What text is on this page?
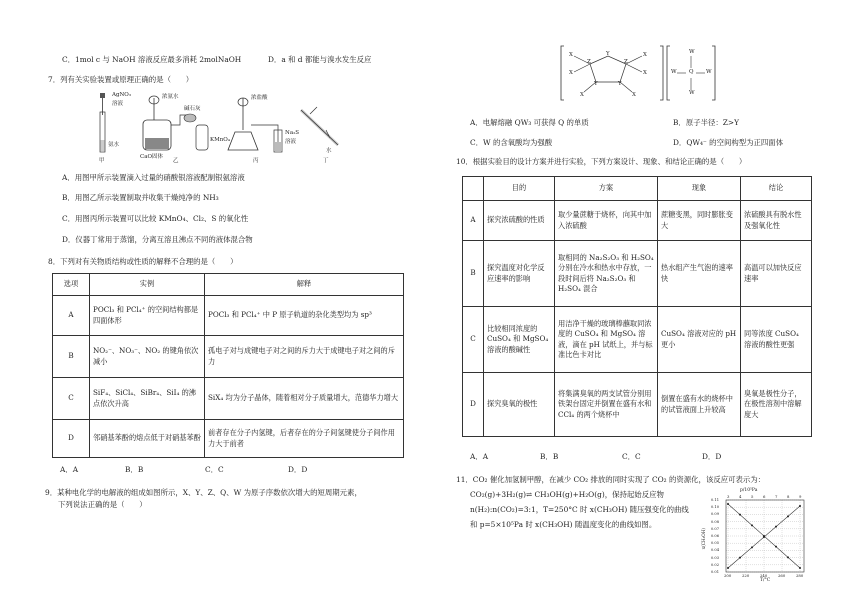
C．1mol c 与 NaOH 溶液反应最多消耗 2molNaOH	D．a 和 d 都能与溴水发生反应
7．列有关实验装置或原理正确的是（　　）
AgNO₃
溶液
氨水
浓氨水
碱石灰
CaO固体
浓盐酸
KMnO₄
Na₂S
溶液
水
甲	乙	丙	丁
A．用图甲所示装置滴入过量的硝酸银溶液配制银氨溶液
B．用图乙所示装置制取并收集干燥纯净的 NH₃
C．用图丙所示装置可以比较 KMnO₄、Cl₂、S 的氧化性
D．仪器丁常用于蒸馏，分离互溶且沸点不同的液体混合物
8．下列对有关物质结构或性质的解释不合理的是（　　）
选项	实例	解释
A	POCl₃ 和 PCl₄⁺ 的空间结构都是四面体形	POCl₃ 和 PCl₄⁺ 中 P 原子轨道的杂化类型均为 sp³
B	NO₂⁻、NO₃⁻、NO₂ 的键角依次减小	孤电子对与成键电子对之间的斥力大于成键电子对之间的斥力
C	SiF₄、SiCl₄、SiBr₄、SiI₄ 的沸点依次升高	SiX₄ 均为分子晶体，随着相对分子质量增大，范德华力增大
D	邻硝基苯酚的熔点低于对硝基苯酚	前者存在分子内氢键，后者存在的分子间氢键使分子间作用力大于前者
A．A	B．B	C．C	D．D
9．某种电化学的电解液的组成如图所示，X、Y、Z、Q、W 为原子序数依次增大的短周期元素，
下列说法正确的是（　　）
X
X
Z
Y
Z
X
X
Y	Y
X	X
W
W Q W
W
A．电解熔融 QW₃ 可获得 Q 的单质	B．原子半径：Z>Y
C．W 的含氧酸均为强酸	D．QW₄⁻ 的空间构型为正四面体
10．根据实验目的设计方案并进行实验，下列方案设计、现象、和结论正确的是（　　）
	目的	方案	现象	结论
A	探究浓硫酸的性质	取少量蔗糖于烧杯，向其中加入浓硫酸	蔗糖变黑，同时膨胀变大	浓硫酸具有脱水性及强氧化性
B	探究温度对化学反应速率的影响	取相同的 Na₂S₂O₃ 和 H₂SO₄ 分别在冷水和热水中存放，一段时间后将 Na₂S₂O₃ 和 H₂SO₄ 混合	热水组产生气泡的速率快	高温可以加快反应速率
C	比较相同浓度的 CuSO₄ 和 MgSO₄ 溶液的酸碱性	用洁净干燥的玻璃棒蘸取同浓度的 CuSO₄ 和 MgSO₄ 溶液，滴在 pH 试纸上，并与标准比色卡对比	CuSO₄ 溶液对应的 pH 更小	同等浓度 CuSO₄ 溶液的酸性更强
D	探究臭氧的极性	将集满臭氧的两支试管分别用铁架台固定并倒置在盛有水和 CCl₄ 的两个烧杯中	倒置在盛有水的烧杯中的试管液面上升较高	臭氧是极性分子，在极性溶剂中溶解度大
A．A	B．B	C．C	D．D
11．CO₂ 催化加氢制甲醇，在减少 CO₂ 排放的同时实现了 CO₂ 的资源化，该反应可表示为：
CO₂(g)+3H₂(g)⇌ CH₃OH(g)+H₂O(g)，保持起始反应物
n(H₂):n(CO₂)=3:1，T=250°C 时 x(CH₃OH) 随压强变化的曲线
和 p=5×10⁵Pa 时 x(CH₃OH) 随温度变化的曲线如图。
p/10⁵Pa
T/°C
x(CH₃OH)
0.11
0.10
0.09
0.08
0.07
0.06
0.05
0.04
0.03
0.02
0.01
200	220	240	260	280
3	4	5	6	7	8	9
